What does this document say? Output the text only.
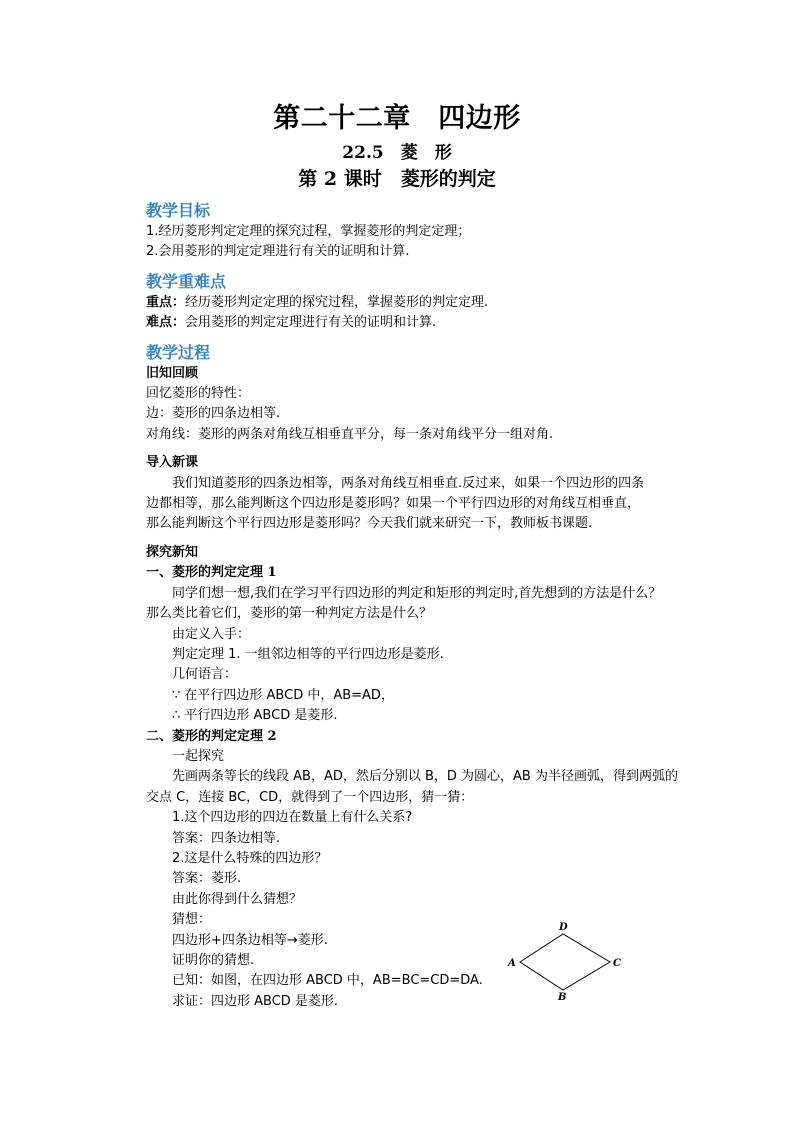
第二十二章　四边形
22.5　菱　形
第 2 课时　菱形的判定
教学目标
1.经历菱形判定定理的探究过程，掌握菱形的判定定理；
2.会用菱形的判定定理进行有关的证明和计算.
教学重难点
重点：经历菱形判定定理的探究过程，掌握菱形的判定定理.
难点：会用菱形的判定定理进行有关的证明和计算.
教学过程
旧知回顾
回忆菱形的特性：
边：菱形的四条边相等.
对角线：菱形的两条对角线互相垂直平分，每一条对角线平分一组对角.
导入新课
　　我们知道菱形的四条边相等，两条对角线互相垂直.反过来，如果一个四边形的四条
边都相等，那么能判断这个四边形是菱形吗？如果一个平行四边形的对角线互相垂直，
那么能判断这个平行四边形是菱形吗？今天我们就来研究一下，教师板书课题.
探究新知
一、菱形的判定定理 1
　　同学们想一想,我们在学习平行四边形的判定和矩形的判定时,首先想到的方法是什么？
那么类比着它们，菱形的第一种判定方法是什么？
　　由定义入手：
　　判定定理 1. 一组邻边相等的平行四边形是菱形.
　　几何语言：
　　∵ 在平行四边形 ABCD 中，AB=AD，
　　∴ 平行四边形 ABCD 是菱形.
二、菱形的判定定理 2
　　一起探究
　　先画两条等长的线段 AB，AD，然后分别以 B，D 为圆心，AB 为半径画弧，得到两弧的
交点 C，连接 BC，CD，就得到了一个四边形，猜一猜：
　　1.这个四边形的四边在数量上有什么关系?
　　答案：四条边相等.
　　2.这是什么特殊的四边形？
　　答案：菱形.
　　由此你得到什么猜想？
　　猜想：
　　四边形+四条边相等→菱形.
　　证明你的猜想.
　　已知：如图，在四边形 ABCD 中，AB=BC=CD=DA.
　　求证：四边形 ABCD 是菱形.
A
B
C
D
